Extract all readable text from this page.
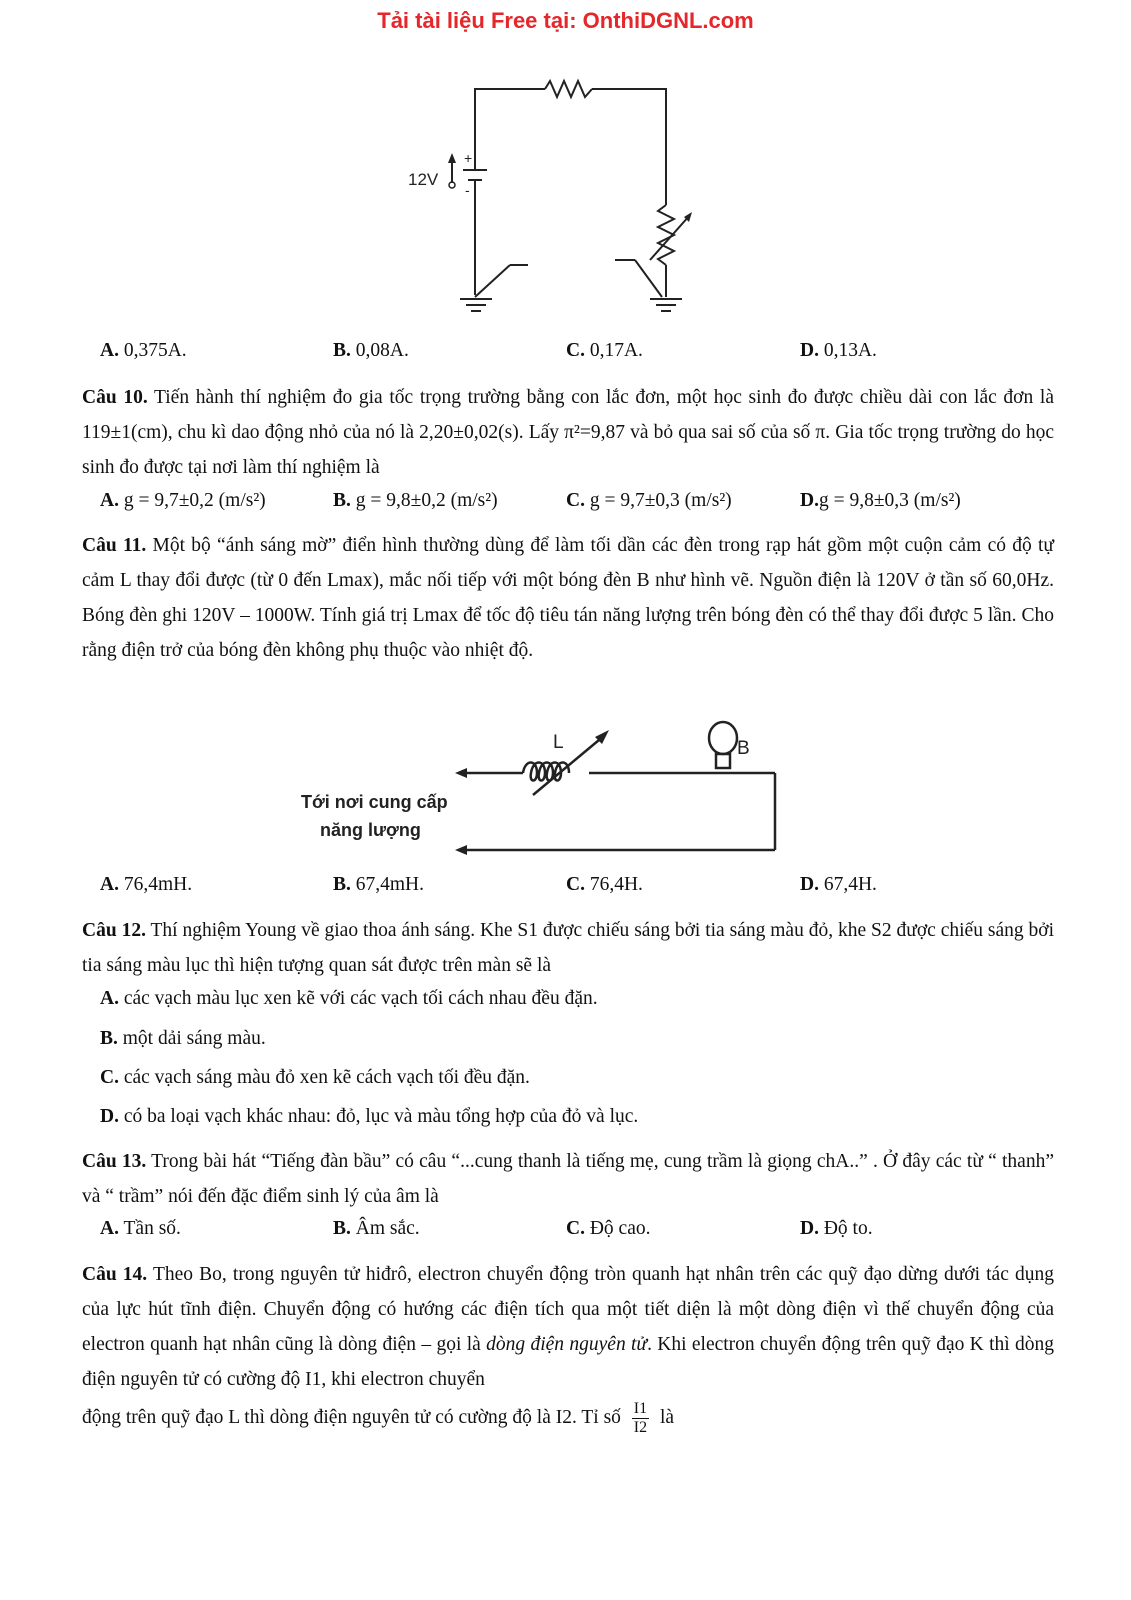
Tải tài liệu Free tại: OnthiDGNL.com
+
-
12V
A. 0,375A.	B. 0,08A.	C. 0,17A.	D. 0,13A.
Câu 10. Tiến hành thí nghiệm đo gia tốc trọng trường bằng con lắc đơn, một học sinh đo được chiều dài con lắc đơn là 119±1(cm), chu kì dao động nhỏ của nó là 2,20±0,02(s). Lấy π²=9,87 và bỏ qua sai số của số π. Gia tốc trọng trường do học sinh đo được tại nơi làm thí nghiệm là
A. g = 9,7±0,2 (m/s²)	B. g = 9,8±0,2 (m/s²)	C. g = 9,7±0,3 (m/s²)	D.g = 9,8±0,3 (m/s²)
Câu 11. Một bộ “ánh sáng mờ” điển hình thường dùng để làm tối dần các đèn trong rạp hát gồm một cuộn cảm có độ tự cảm L thay đổi được (từ 0 đến Lmax), mắc nối tiếp với một bóng đèn B như hình vẽ. Nguồn điện là 120V ở tần số 60,0Hz. Bóng đèn ghi 120V – 1000W. Tính giá trị Lmax để tốc độ tiêu tán năng lượng trên bóng đèn có thể thay đổi được 5 lần. Cho rằng điện trở của bóng đèn không phụ thuộc vào nhiệt độ.
L	B
Tới nơi cung cấp
năng lượng
A. 76,4mH.	B. 67,4mH.	C. 76,4H.	D. 67,4H.
Câu 12. Thí nghiệm Young về giao thoa ánh sáng. Khe S1 được chiếu sáng bởi tia sáng màu đỏ, khe S2 được chiếu sáng bởi tia sáng màu lục thì hiện tượng quan sát được trên màn sẽ là
A. các vạch màu lục xen kẽ với các vạch tối cách nhau đều đặn.
B. một dải sáng màu.
C. các vạch sáng màu đỏ xen kẽ cách vạch tối đều đặn.
D. có ba loại vạch khác nhau: đỏ, lục và màu tổng hợp của đỏ và lục.
Câu 13. Trong bài hát “Tiếng đàn bầu” có câu “...cung thanh là tiếng mẹ, cung trầm là giọng chA..” . Ở đây các từ “ thanh” và “ trầm” nói đến đặc điểm sinh lý của âm là
A. Tần số.	B. Âm sắc.	C. Độ cao.	D. Độ to.
Câu 14. Theo Bo, trong nguyên tử hiđrô, electron chuyển động tròn quanh hạt nhân trên các quỹ đạo dừng dưới tác dụng của lực hút tĩnh điện. Chuyển động có hướng các điện tích qua một tiết diện là một dòng điện vì thế chuyển động của electron quanh hạt nhân cũng là dòng điện – gọi là dòng điện nguyên tử. Khi electron chuyển động trên quỹ đạo K thì dòng điện nguyên tử có cường độ I1, khi electron chuyển
động trên quỹ đạo L thì dòng điện nguyên tử có cường độ là I2. Tỉ số $\frac{I1}{I2}$ là
